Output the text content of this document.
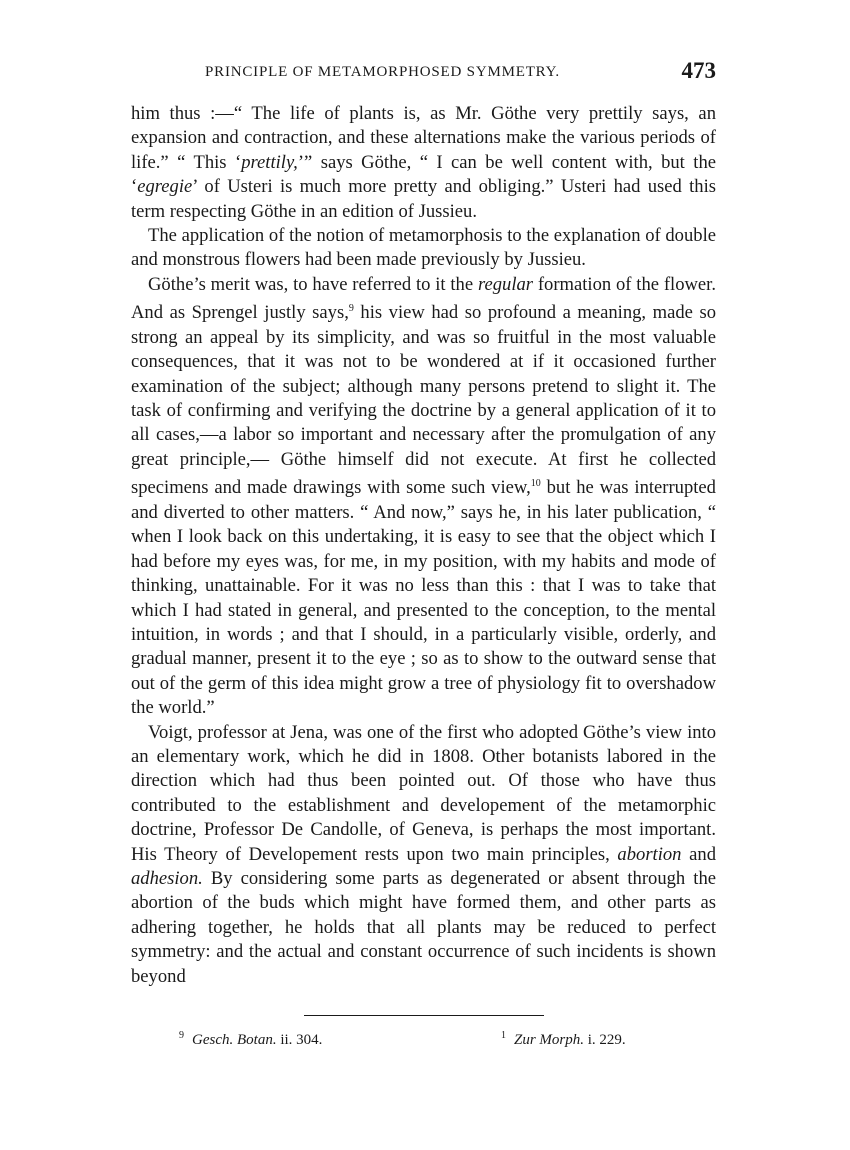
PRINCIPLE OF METAMORPHOSED SYMMETRY.	473

him thus :—“ The life of plants is, as Mr. Göthe very prettily says, an expansion and contraction, and these alternations make the various periods of life.” “ This ‘prettily,’” says Göthe, “ I can be well content with, but the ‘egregie’ of Usteri is much more pretty and obliging.” Usteri had used this term respecting Göthe in an edition of Jussieu.

The application of the notion of metamorphosis to the explanation of double and monstrous flowers had been made previously by Jussieu.

Göthe’s merit was, to have referred to it the regular formation of the flower. And as Sprengel justly says,$^9$ his view had so profound a meaning, made so strong an appeal by its simplicity, and was so fruitful in the most valuable consequences, that it was not to be wondered at if it occasioned further examination of the subject; although many persons pretend to slight it. The task of confirming and verifying the doctrine by a general application of it to all cases,—a labor so important and necessary after the promulgation of any great principle,— Göthe himself did not execute. At first he collected specimens and made drawings with some such view,$^{10}$ but he was interrupted and diverted to other matters. “ And now,” says he, in his later publication, “ when I look back on this undertaking, it is easy to see that the object which I had before my eyes was, for me, in my position, with my habits and mode of thinking, unattainable. For it was no less than this : that I was to take that which I had stated in general, and presented to the conception, to the mental intuition, in words ; and that I should, in a particularly visible, orderly, and gradual manner, present it to the eye ; so as to show to the outward sense that out of the germ of this idea might grow a tree of physiology fit to overshadow the world.”

Voigt, professor at Jena, was one of the first who adopted Göthe’s view into an elementary work, which he did in 1808. Other botanists labored in the direction which had thus been pointed out. Of those who have thus contributed to the establishment and developement of the metamorphic doctrine, Professor De Candolle, of Geneva, is perhaps the most important. His Theory of Developement rests upon two main principles, abortion and adhesion. By considering some parts as degenerated or absent through the abortion of the buds which might have formed them, and other parts as adhering together, he holds that all plants may be reduced to perfect symmetry: and the actual and constant occurrence of such incidents is shown beyond

$^9$ Gesch. Botan. ii. 304.	$^1$ Zur Morph. i. 229.
